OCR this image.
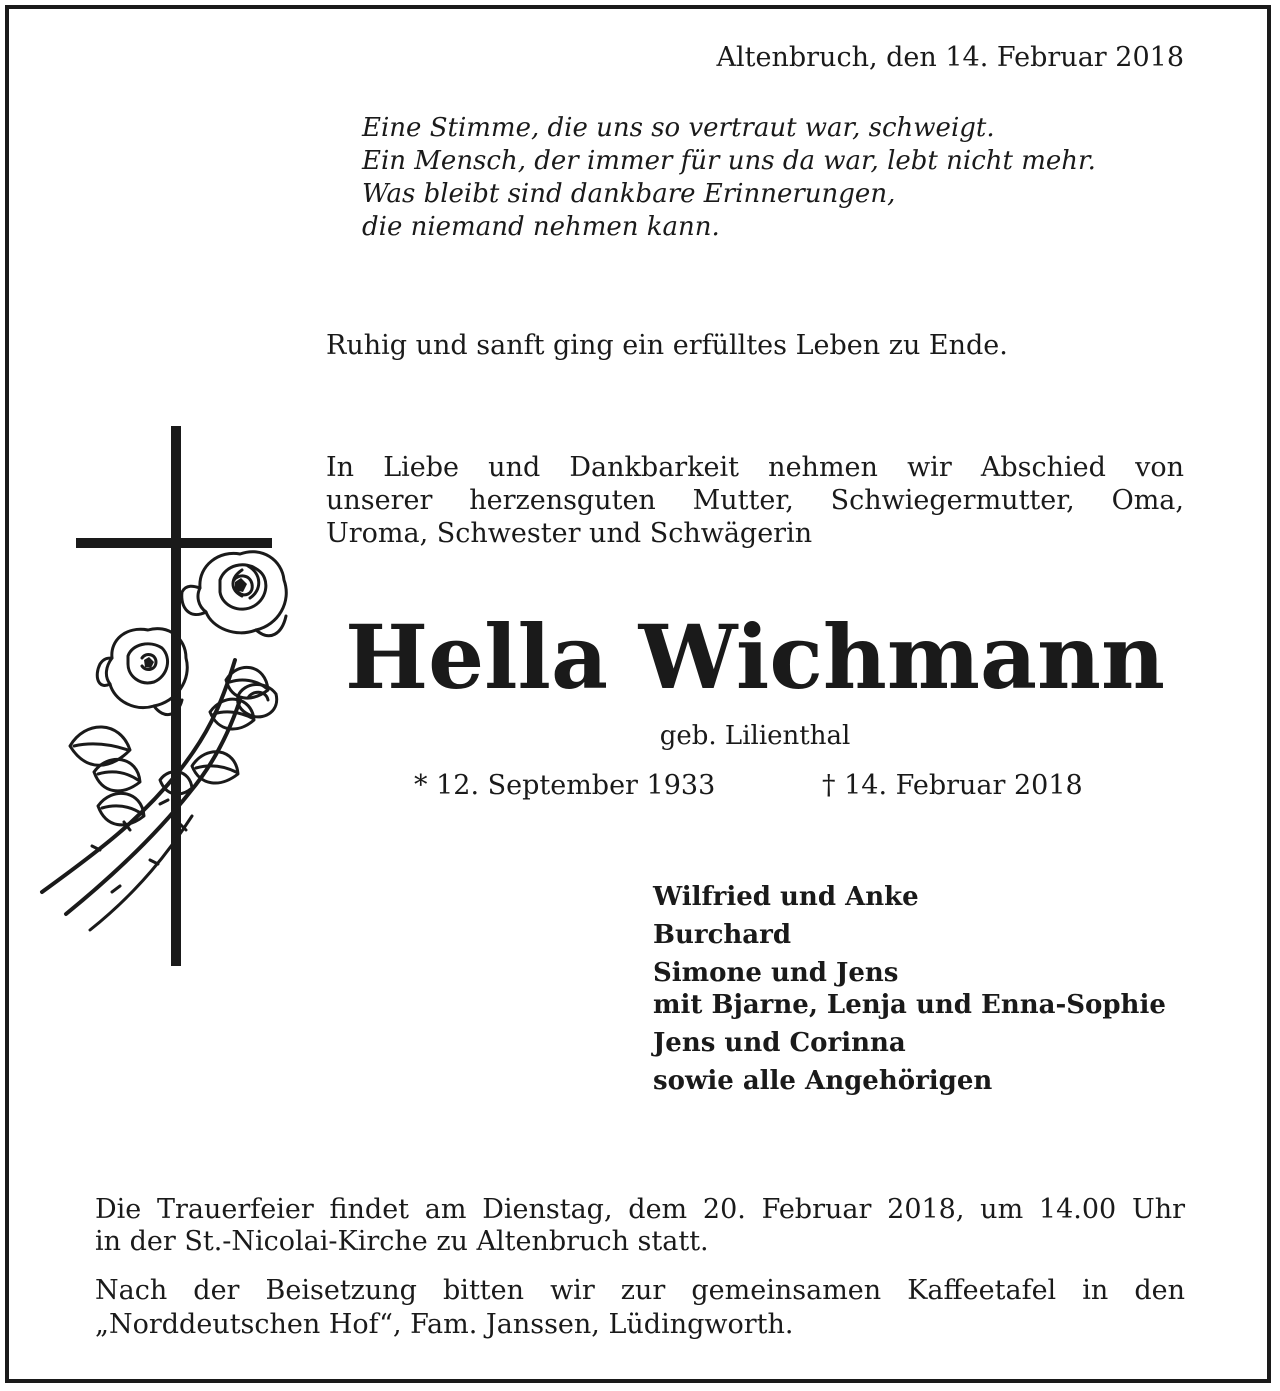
Altenbruch, den 14. Februar 2018
Eine Stimme, die uns so vertraut war, schweigt.
Ein Mensch, der immer für uns da war, lebt nicht mehr.
Was bleibt sind dankbare Erinnerungen,
die niemand nehmen kann.
Ruhig und sanft ging ein erfülltes Leben zu Ende.
In Liebe und Dankbarkeit nehmen wir Abschied von
unserer herzensguten Mutter, Schwiegermutter, Oma,
Uroma, Schwester und Schwägerin
Hella Wichmann
geb. Lilienthal
* 12. September 1933	† 14. Februar 2018
Wilfried und Anke
Burchard
Simone und Jens
mit Bjarne, Lenja und Enna-Sophie
Jens und Corinna
sowie alle Angehörigen
Die Trauerfeier findet am Dienstag, dem 20. Februar 2018, um 14.00 Uhr
in der St.-Nicolai-Kirche zu Altenbruch statt.
Nach der Beisetzung bitten wir zur gemeinsamen Kaffeetafel in den
„Norddeutschen Hof“, Fam. Janssen, Lüdingworth.
